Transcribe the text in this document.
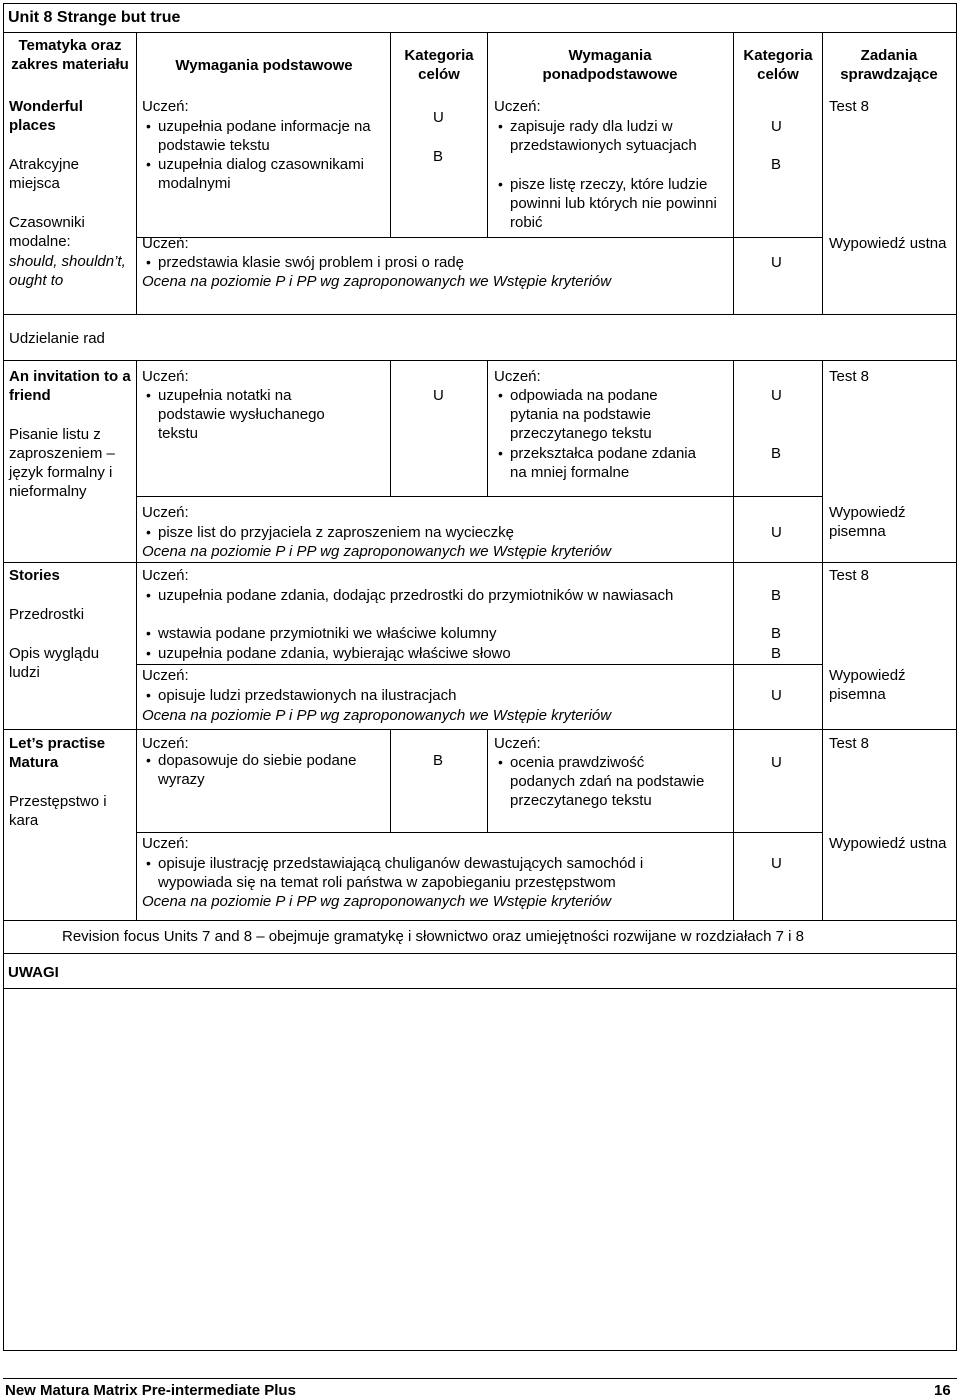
Unit 8 Strange but true
Tematyka oraz zakres materiału	Wymagania podstawowe
Kategoria celów
Wymagania ponadpodstawowe
Kategoria celów
Zadania sprawdzające
Wonderful places
Atrakcyjne miejsca
Czasowniki modalne:
should, shouldn’t, ought to
Uczeń:
• uzupełnia podane informacje na podstawie tekstu
• uzupełnia dialog czasownikami modalnymi
U
B
Uczeń:
• zapisuje rady dla ludzi w przedstawionych sytuacjach
• pisze listę rzeczy, które ludzie powinni lub których nie powinni robić
U
B
Test 8
Uczeń:
• przedstawia klasie swój problem i prosi o radę
Ocena na poziomie P i PP wg zaproponowanych we Wstępie kryteriów
U
Wypowiedź ustna
Udzielanie rad
An invitation to a friend
Pisanie listu z zaproszeniem – język formalny i nieformalny
Uczeń:
• uzupełnia notatki na podstawie wysłuchanego tekstu
U
Uczeń:
• odpowiada na podane pytania na podstawie przeczytanego tekstu
• przekształca podane zdania na mniej formalne
U
B
Test 8
Uczeń:
• pisze list do przyjaciela z zaproszeniem na wycieczkę
Ocena na poziomie P i PP wg zaproponowanych we Wstępie kryteriów
U
Wypowiedź pisemna
Stories
Przedrostki
Opis wyglądu ludzi
Uczeń:
• uzupełnia podane zdania, dodając przedrostki do przymiotników w nawiasach
• wstawia podane przymiotniki we właściwe kolumny
• uzupełnia podane zdania, wybierając właściwe słowo
B
B
B
Test 8
Uczeń:
• opisuje ludzi przedstawionych na ilustracjach
Ocena na poziomie P i PP wg zaproponowanych we Wstępie kryteriów
U
Wypowiedź pisemna
Let’s practise Matura
Przestępstwo i kara
Uczeń:
• dopasowuje do siebie podane wyrazy
B
Uczeń:
• ocenia prawdziwość podanych zdań na podstawie przeczytanego tekstu
U
Test 8
Uczeń:
• opisuje ilustrację przedstawiającą chuliganów dewastujących samochód i wypowiada się na temat roli państwa w zapobieganiu przestępstwom
Ocena na poziomie P i PP wg zaproponowanych we Wstępie kryteriów
U
Wypowiedź ustna
Revision focus Units 7 and 8 – obejmuje gramatykę i słownictwo oraz umiejętności rozwijane w rozdziałach 7 i 8
UWAGI
New Matura Matrix Pre-intermediate Plus	16
